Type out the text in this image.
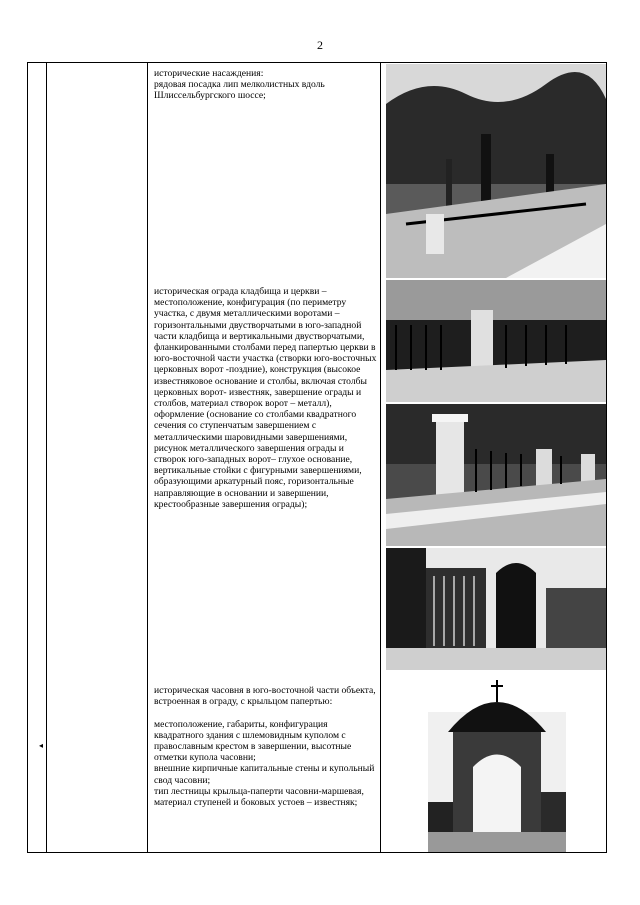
2

исторические насаждения:

рядовая посадка лип мелколистных вдоль Шлиссельбургского шоссе;

историческая ограда кладбища и церкви – местоположение, конфигурация (по периметру участка, с двумя металлическими воротами – горизонтальными двустворчатыми в юго-западной части кладбища и вертикальными двустворчатыми,

фланкированными столбами перед папертью церкви в юго-восточной части участка (створки юго-восточных церковных ворот -поздние), конструкция (высокое известняковое основание и столбы, включая столбы церковных ворот- известняк, завершение ограды и столбов, материал створок ворот – металл), оформление (основание со столбами квадратного сечения со ступенчатым завершением с металлическими шаровидными завершениями, рисунок металлического завершения ограды и створок юго-западных ворот– глухое основание, вертикальные стойки с фигурными завершениями, образующими аркатурный пояс, горизонтальные направляющие в основании и завершении, крестообразные завершения ограды);

историческая часовня в юго-восточной части объекта, встроенная в ограду, с крыльцом папертью:

местоположение, габариты, конфигурация квадратного здания с шлемовидным куполом с православным крестом в завершении, высотные отметки купола часовни;

внешние кирпичные капитальные стены и купольный свод часовни;

тип лестницы крыльца-паперти часовни-маршевая, материал ступеней и боковых устоев – известняк;

◂
